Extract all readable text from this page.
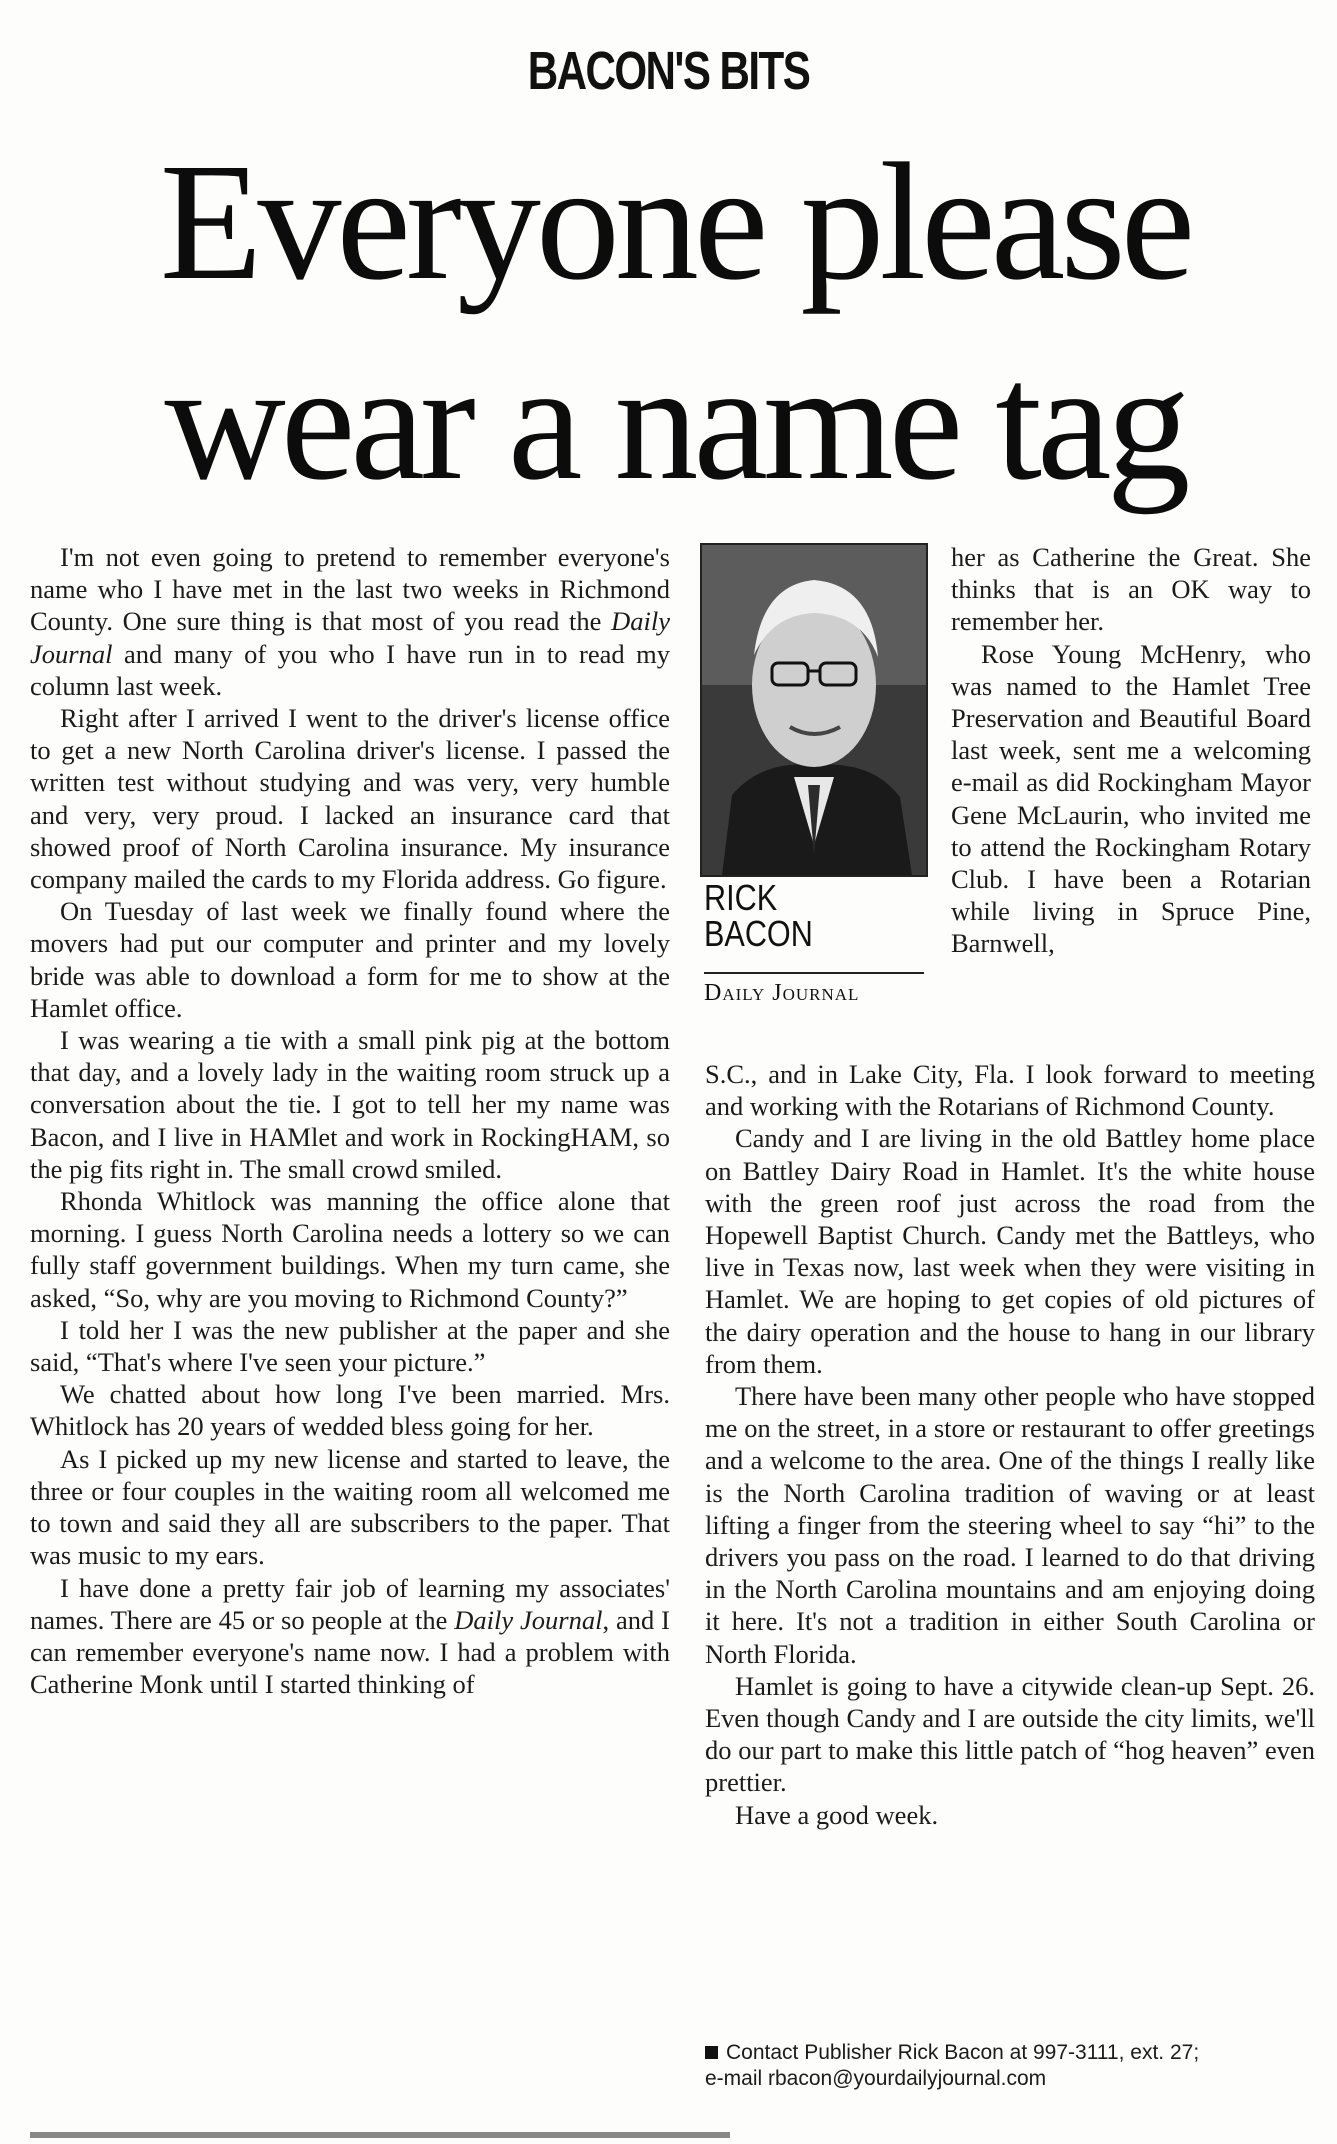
BACON'S BITS
Everyone please
wear a name tag

I'm not even going to pretend to remember everyone's name who I have met in the last two weeks in Richmond County. One sure thing is that most of you read the Daily Journal and many of you who I have run in to read my column last week.

Right after I arrived I went to the driver's license office to get a new North Carolina driver's license. I passed the written test without studying and was very, very humble and very, very proud. I lacked an insurance card that showed proof of North Carolina insurance. My insurance company mailed the cards to my Florida address. Go figure.

On Tuesday of last week we finally found where the movers had put our computer and printer and my lovely bride was able to download a form for me to show at the Hamlet office.

I was wearing a tie with a small pink pig at the bottom that day, and a lovely lady in the waiting room struck up a conversation about the tie. I got to tell her my name was Bacon, and I live in HAMlet and work in RockingHAM, so the pig fits right in. The small crowd smiled.

Rhonda Whitlock was manning the office alone that morning. I guess North Carolina needs a lottery so we can fully staff government buildings. When my turn came, she asked, “So, why are you moving to Richmond County?”

I told her I was the new publisher at the paper and she said, “That's where I've seen your picture.”

We chatted about how long I've been married. Mrs. Whitlock has 20 years of wedded bless going for her.

As I picked up my new license and started to leave, the three or four couples in the waiting room all welcomed me to town and said they all are subscribers to the paper. That was music to my ears.

I have done a pretty fair job of learning my associates' names. There are 45 or so people at the Daily Journal, and I can remember everyone's name now. I had a problem with Catherine Monk until I started thinking of

RICK
BACON
Daily Journal

her as Catherine the Great. She thinks that is an OK way to remember her.

Rose Young McHenry, who was named to the Hamlet Tree Preservation and Beautiful Board last week, sent me a welcoming e-mail as did Rockingham Mayor Gene McLaurin, who invited me to attend the Rockingham Rotary Club. I have been a Rotarian while living in Spruce Pine, Barnwell,

S.C., and in Lake City, Fla. I look forward to meeting and working with the Rotarians of Richmond County.

Candy and I are living in the old Battley home place on Battley Dairy Road in Hamlet. It's the white house with the green roof just across the road from the Hopewell Baptist Church. Candy met the Battleys, who live in Texas now, last week when they were visiting in Hamlet. We are hoping to get copies of old pictures of the dairy operation and the house to hang in our library from them.

There have been many other people who have stopped me on the street, in a store or restaurant to offer greetings and a welcome to the area. One of the things I really like is the North Carolina tradition of waving or at least lifting a finger from the steering wheel to say “hi” to the drivers you pass on the road. I learned to do that driving in the North Carolina mountains and am enjoying doing it here. It's not a tradition in either South Carolina or North Florida.

Hamlet is going to have a citywide clean-up Sept. 26. Even though Candy and I are outside the city limits, we'll do our part to make this little patch of “hog heaven” even prettier.

Have a good week.

Contact Publisher Rick Bacon at 997-3111, ext. 27;
e-mail rbacon@yourdailyjournal.com
